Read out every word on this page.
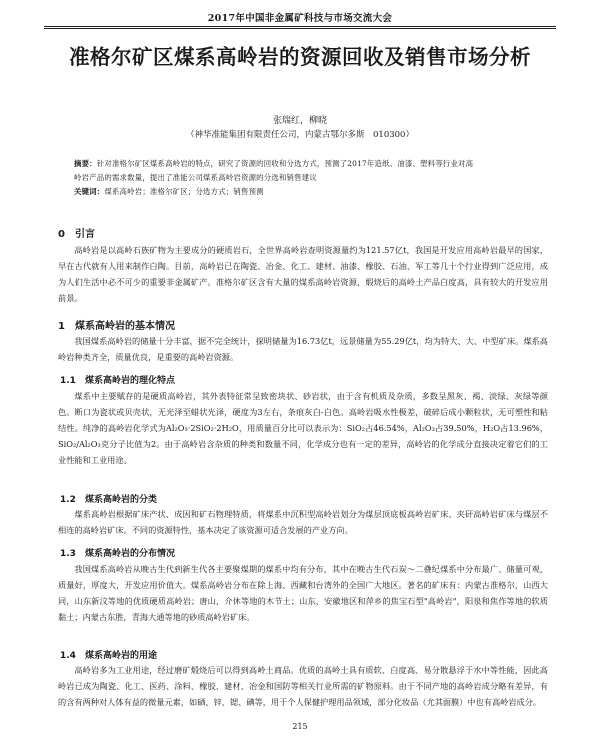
2017年中国非金属矿科技与市场交流大会
准格尔矿区煤系高岭岩的资源回收及销售市场分析
张瑞红，柳晓
（神华准能集团有限责任公司，内蒙古鄂尔多斯　010300）
摘要：针对准格尔矿区煤系高岭岩的特点，研究了资源的回收和分选方式，预测了2017年造纸、油漆、塑料等行业对高
岭岩产品的需求数量，提出了准能公司煤系高岭岩资源的分选和销售建议
关键词：煤系高岭岩；准格尔矿区；分选方式；销售预测
0　引言
高岭岩是以高岭石族矿物为主要成分的硬质岩石，全世界高岭岩查明资源量约为121.57亿t，我国是开发应用高岭岩最早的国家，早在古代就有人用来制作白陶。目前，高岭岩已在陶瓷、冶金、化工、建材、油漆、橡胶、石油、军工等几十个行业得到广泛应用，成为人们生活中必不可少的重要非金属矿产。准格尔矿区含有大量的煤系高岭岩资源，煅烧后的高岭土产品白度高，具有较大的开发应用前景。
1　煤系高岭岩的基本情况
我国煤系高岭岩的储量十分丰富，据不完全统计，探明储量为16.73亿t，远景储量为55.29亿t，均为特大、大、中型矿床。煤系高岭岩种类齐全，质量优良，是重要的高岭岩资源。
1.1　煤系高岭岩的理化特点
煤系中主要赋存的是硬质高岭岩，其外表特征常呈致密块状、砂岩状，由于含有机质及杂质，多数呈黑灰、褐、淡绿、灰绿等颜色。断口为瓷状或贝壳状，无光泽至蜡状光泽，硬度为3左右，条痕灰白-白色。高岭岩吸水性极差，破碎后成小颗粒状，无可塑性和粘结性。纯净的高岭岩化学式为Al₂O₃·2SiO₂·2H₂O，用质量百分比可以表示为：SiO₂占46.54%，Al₂O₃占39.50%，H₂O占13.96%，SiO₂/Al₂O₃克分子比值为2。由于高岭岩含杂质的种类和数量不同，化学成分也有一定的差异，高岭岩的化学成分直接决定着它们的工业性能和工业用途。
1.2　煤系高岭岩的分类
煤系高岭岩根据矿床产状、成因和矿石物理特质，将煤系中沉积型高岭岩划分为煤层顶底板高岭岩矿床、夹矸高岭岩矿床与煤层不相连的高岭岩矿床。不同的资源特性，基本决定了该资源可适合发展的产业方向。
1.3　煤系高岭岩的分布情况
我国煤系高岭岩从晚古生代到新生代各主要聚煤期的煤系中均有分布，其中在晚古生代石炭～二叠纪煤系中分布最广、储量可观，质量好，厚度大，开发应用价值大。煤系高岭岩分布在除上海、西藏和台湾外的全国广大地区。著名的矿床有：内蒙古准格尔，山西大同，山东新汶等地的优质硬质高岭岩；唐山，介休等地的木节土；山东，安徽地区和萍乡的焦宝石型"高岭岩"，阳泉和焦作等地的软质黏土；内蒙古东胜，青海大通等地的砂质高岭岩矿床。
1.4　煤系高岭岩的用途
高岭岩多为工业用途，经过磨矿煅烧后可以得到高岭土商品。优质的高岭土具有质软、白度高、易分散悬浮于水中等性能，因此高岭岩已成为陶瓷、化工、医药、涂料、橡胶、建材、冶金和国防等相关行业所需的矿物原料。由于不同产地的高岭岩成分略有差异，有的含有两种对人体有益的微量元素，如硒、锌、锶、碘等，用于个人保健护理用品领域，部分化妆品（尤其面膜）中也有高岭岩成分。
215
